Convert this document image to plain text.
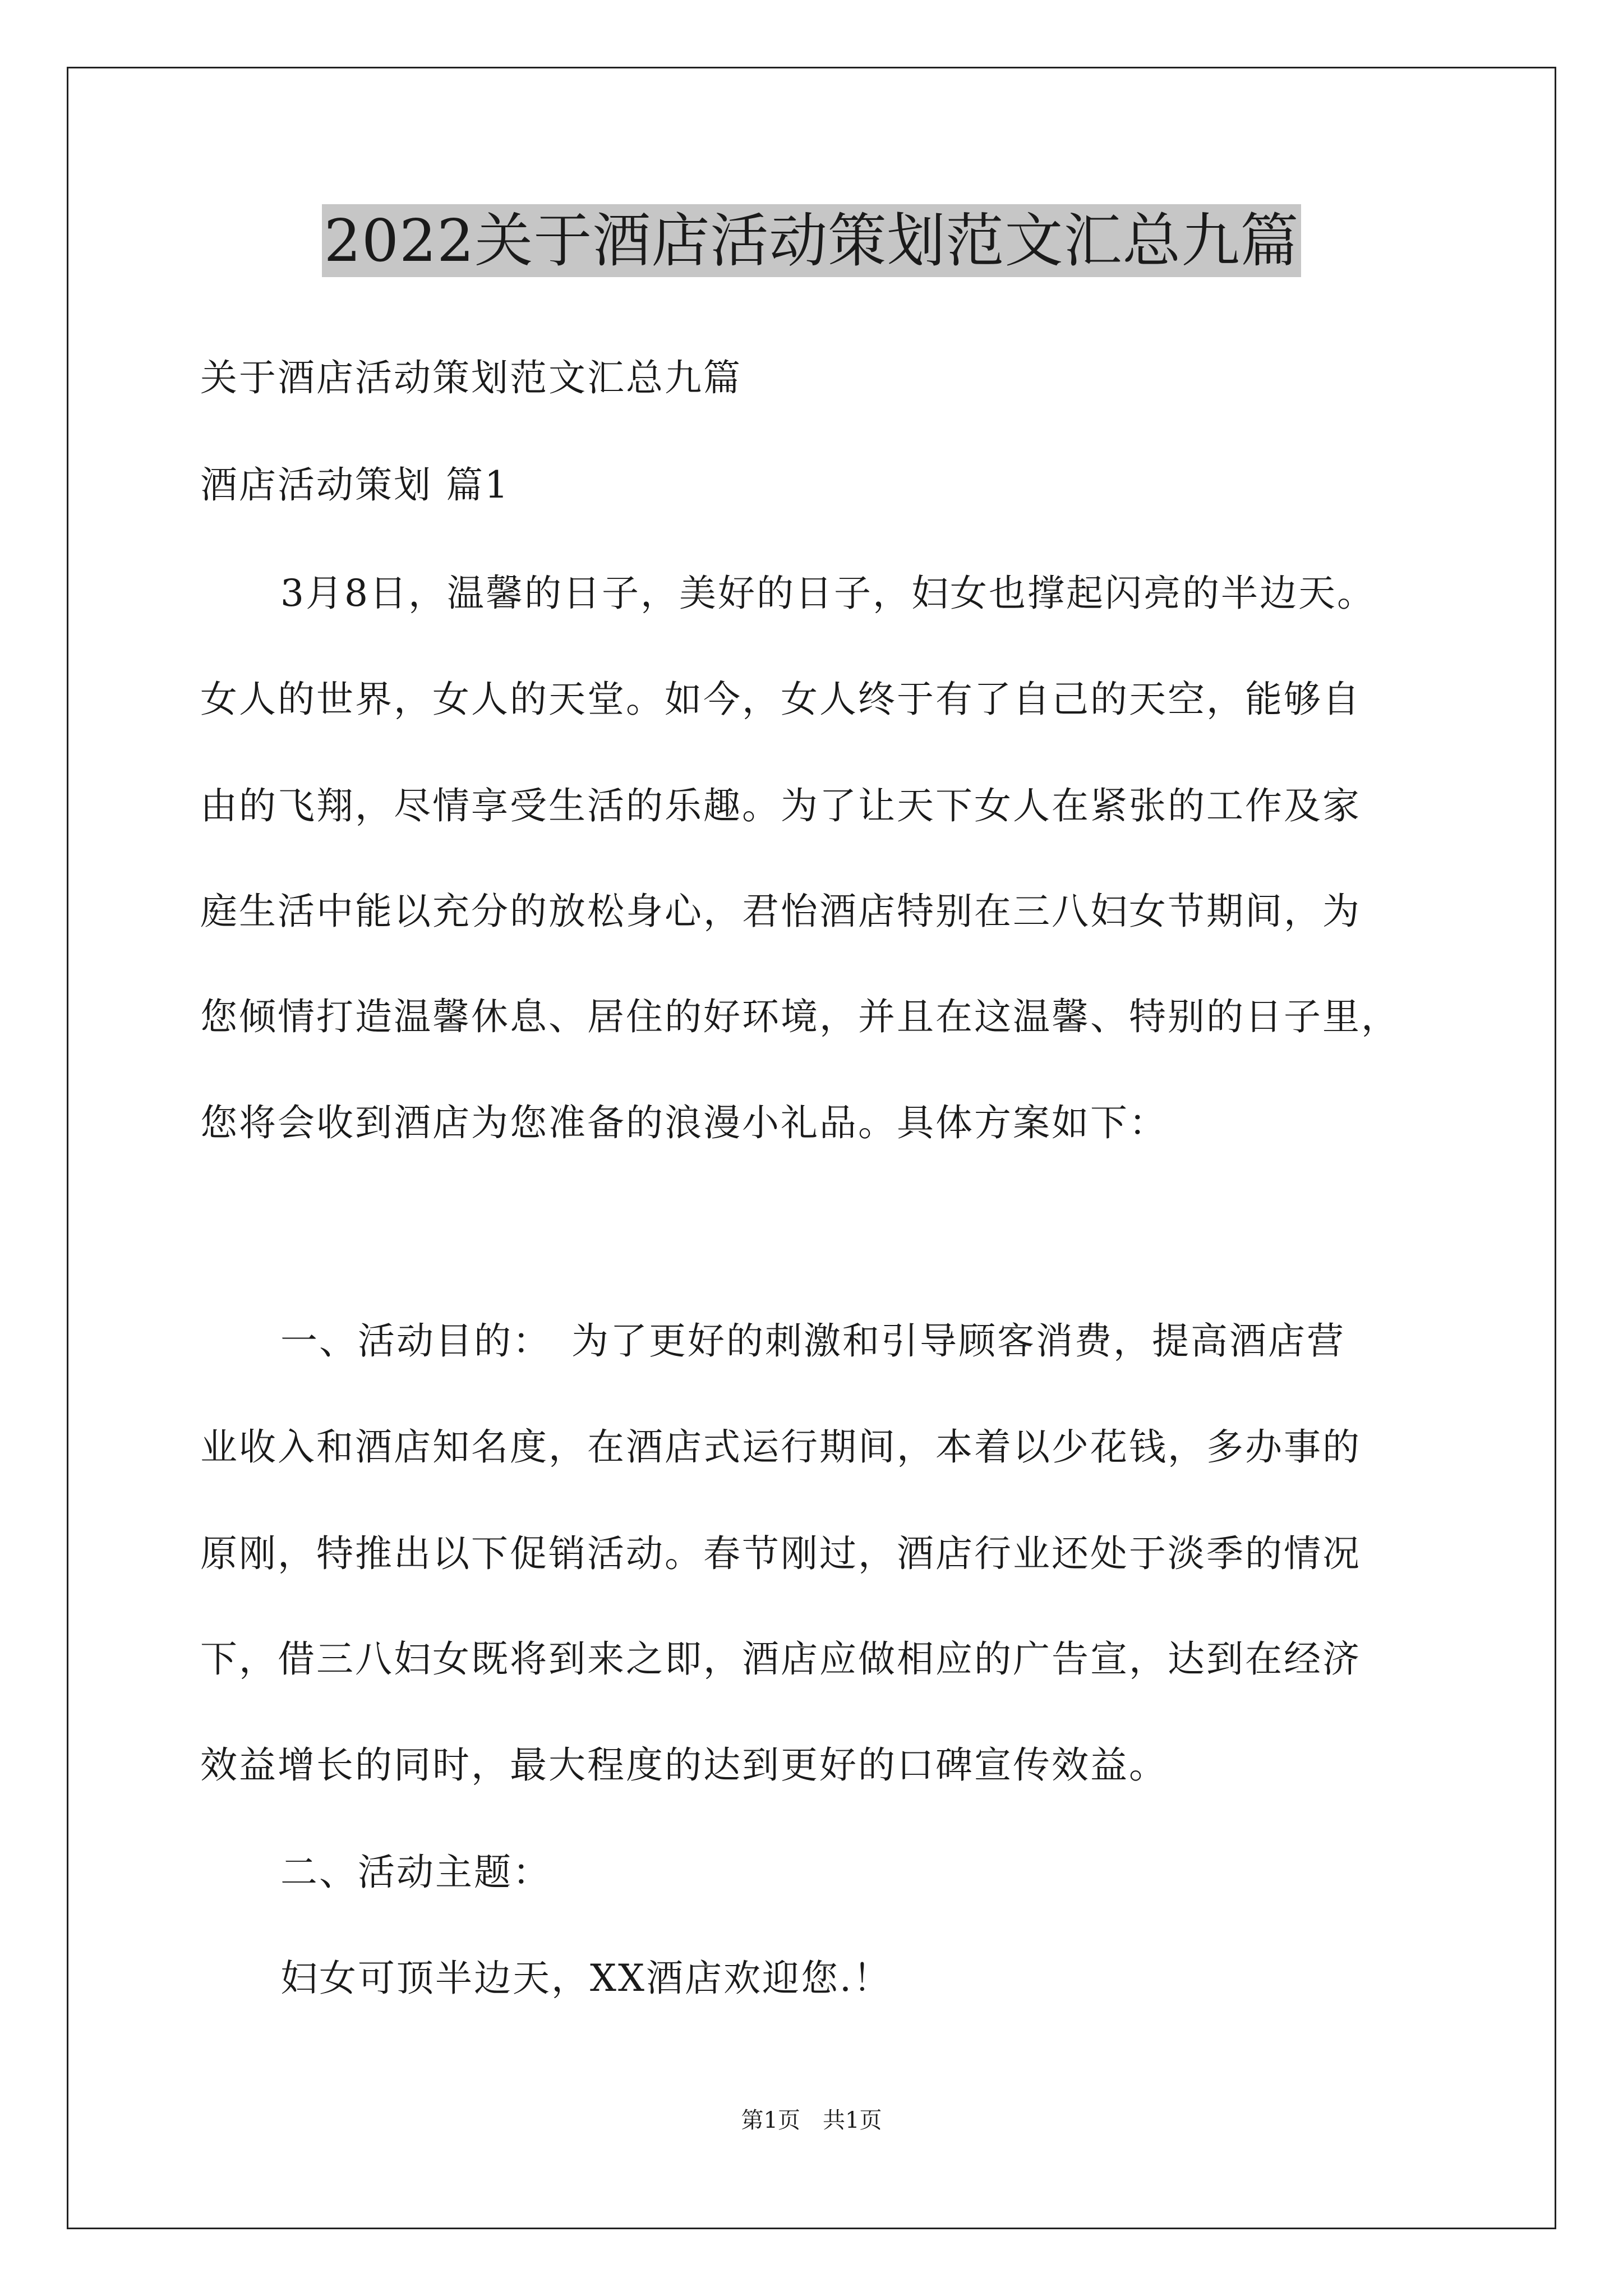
2022关于酒店活动策划范文汇总九篇
关于酒店活动策划范文汇总九篇
酒店活动策划 篇1
3月8日，温馨的日子，美好的日子，妇女也撑起闪亮的半边天。
女人的世界，女人的天堂。如今，女人终于有了自己的天空，能够自
由的飞翔，尽情享受生活的乐趣。为了让天下女人在紧张的工作及家
庭生活中能以充分的放松身心，君怡酒店特别在三八妇女节期间，为
您倾情打造温馨休息、居住的好环境，并且在这温馨、特别的日子里，
您将会收到酒店为您准备的浪漫小礼品。具体方案如下：
一、活动目的：　为了更好的刺激和引导顾客消费，提高酒店营
业收入和酒店知名度，在酒店式运行期间，本着以少花钱，多办事的
原刚，特推出以下促销活动。春节刚过，酒店行业还处于淡季的情况
下，借三八妇女既将到来之即，酒店应做相应的广告宣，达到在经济
效益增长的同时，最大程度的达到更好的口碑宣传效益。
二、活动主题：
妇女可顶半边天，XX酒店欢迎您.！
第1页　共1页
